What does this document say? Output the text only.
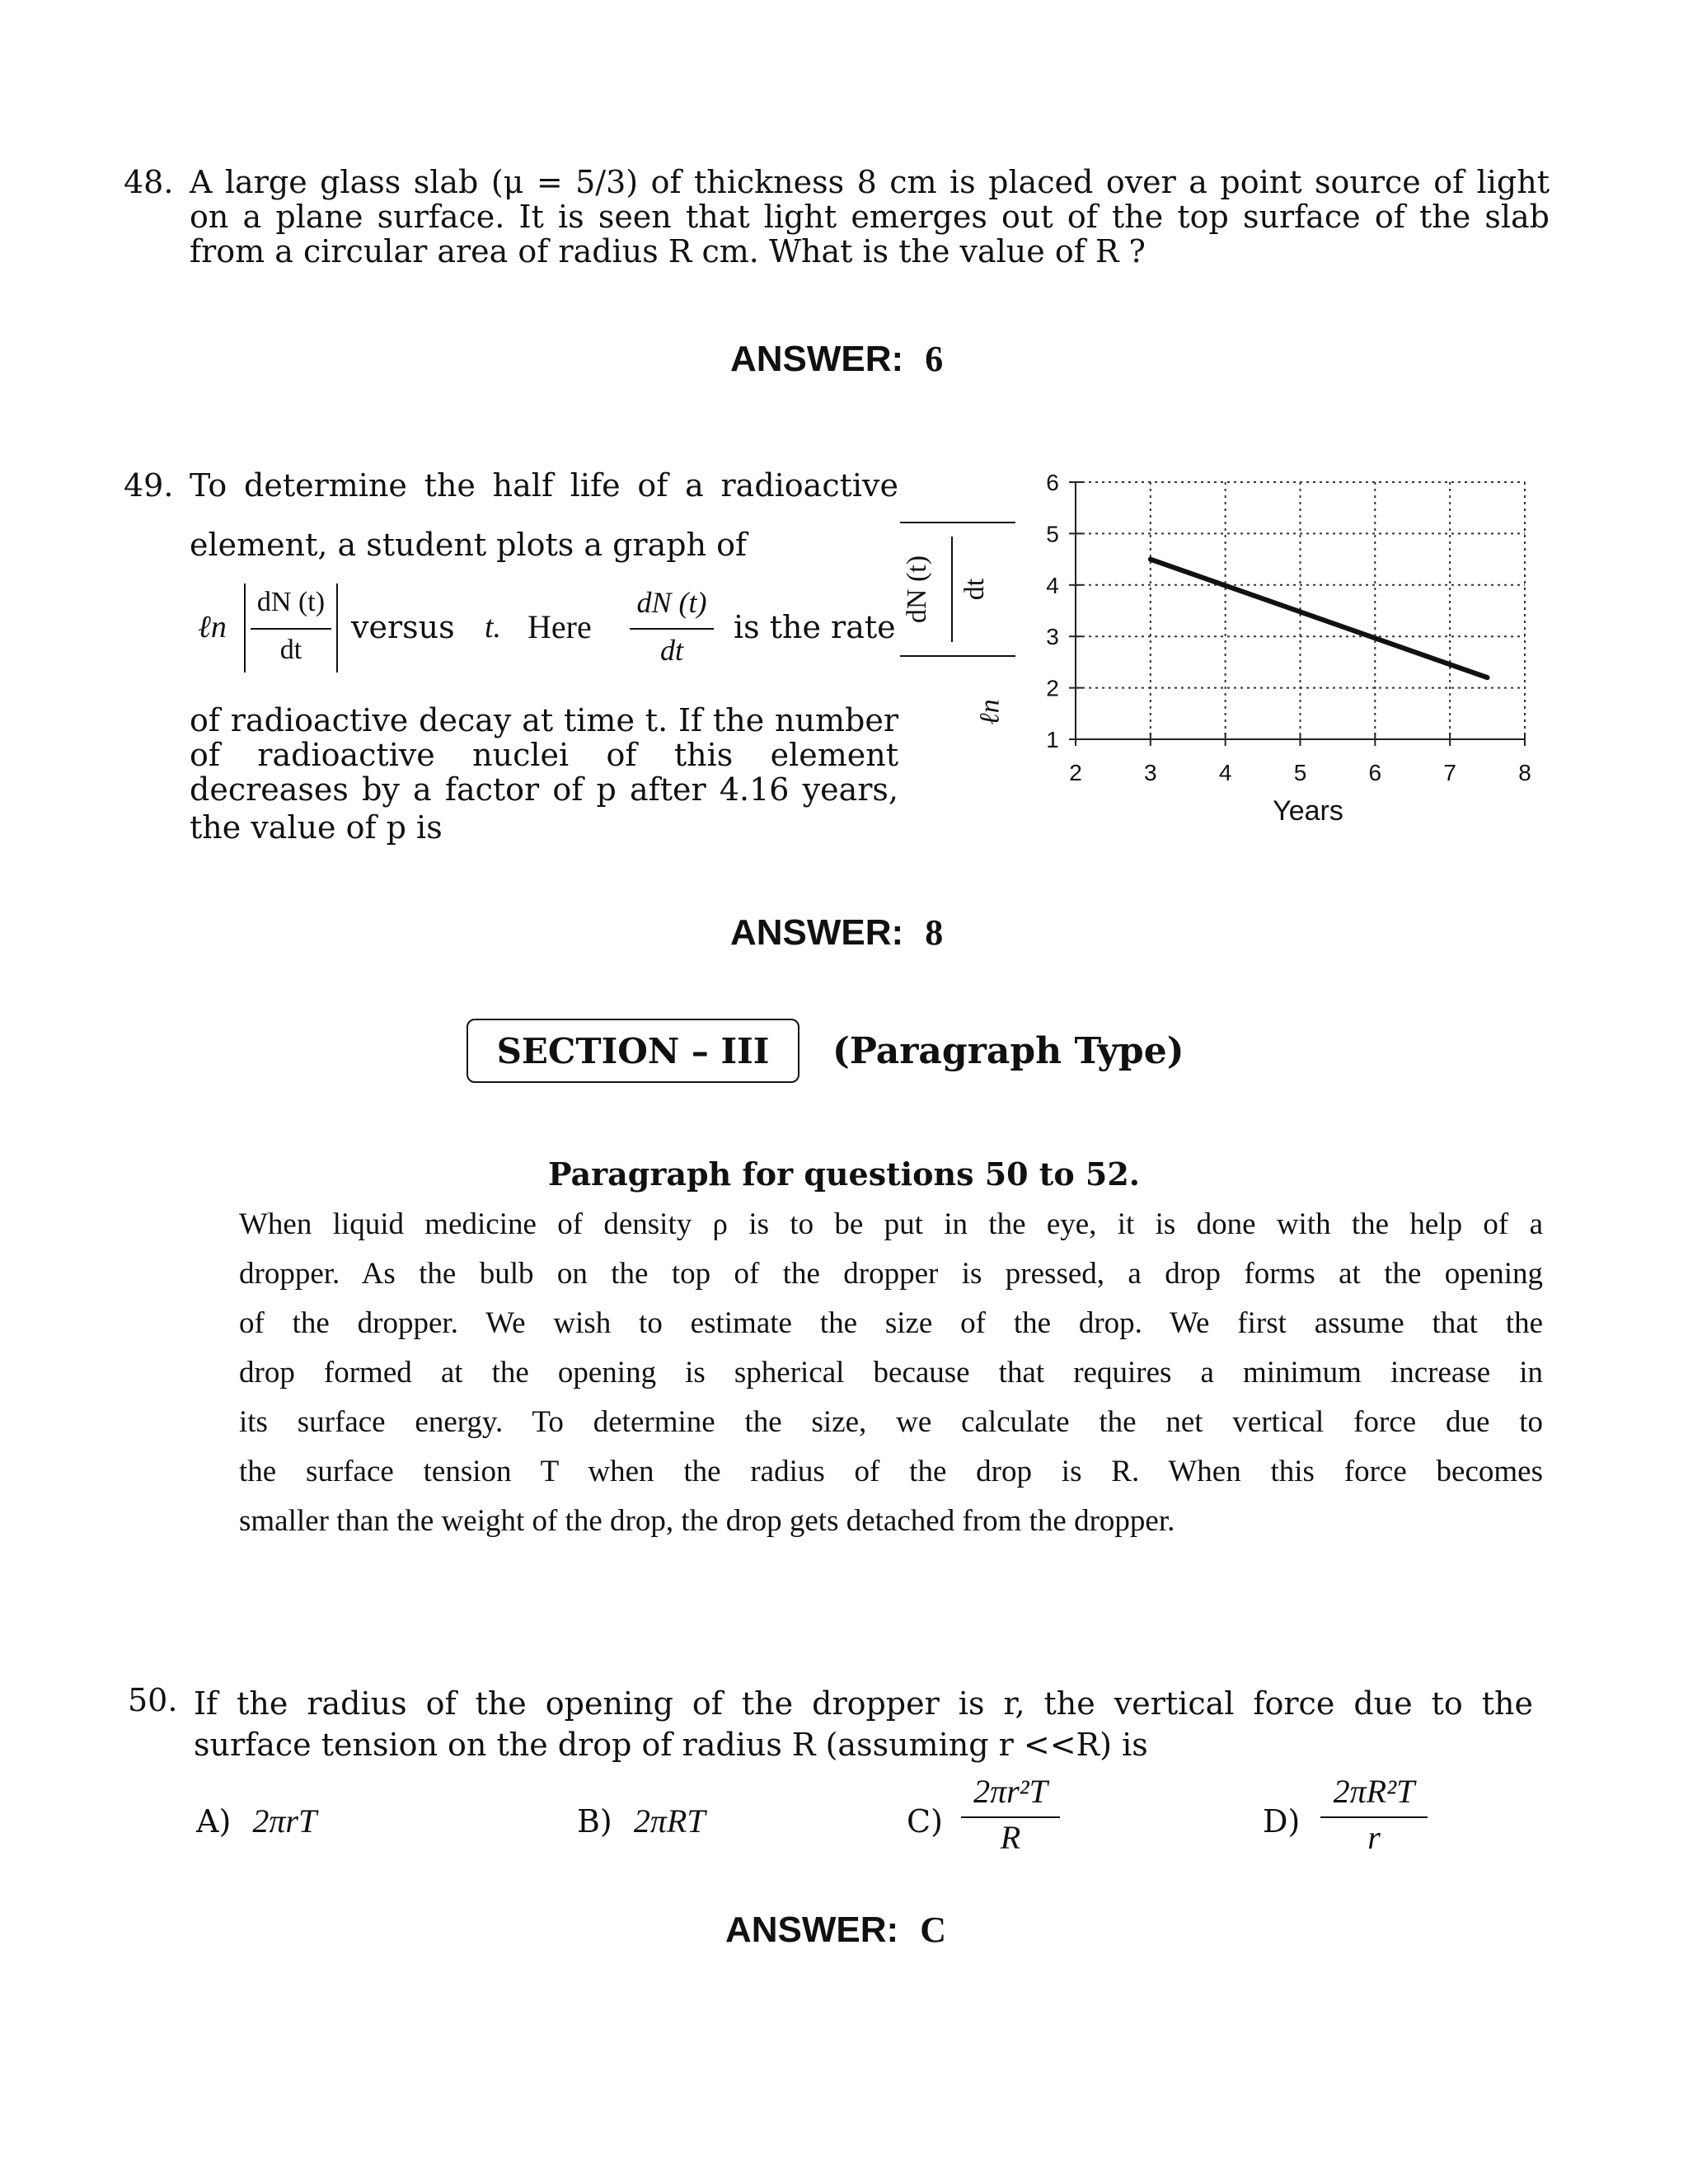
48. A large glass slab (μ = 5/3) of thickness 8 cm is placed over a point source of light
on a plane surface. It is seen that light emerges out of the top surface of the slab
from a circular area of radius R cm. What is the value of R ?
ANSWER: 6
49. To determine the half life of a radioactive
element, a student plots a graph of
ℓn
dN (t)
dt
versus t. Here
dN (t)
dt
is the rate
of radioactive decay at time t. If the number
of radioactive nuclei of this element
decreases by a factor of p after 4.16 years,
the value of p is
dN (t) dt
ℓn
1
2
3
4
5
6
2	3	4	5	6	7	8
Years
ANSWER: 8
SECTION – III	(Paragraph Type)
Paragraph for questions 50 to 52.
When liquid medicine of density ρ is to be put in the eye, it is done with the help of a
dropper. As the bulb on the top of the dropper is pressed, a drop forms at the opening
of the dropper. We wish to estimate the size of the drop. We first assume that the
drop formed at the opening is spherical because that requires a minimum increase in
its surface energy. To determine the size, we calculate the net vertical force due to
the surface tension T when the radius of the drop is R. When this force becomes
smaller than the weight of the drop, the drop gets detached from the dropper.
50. If the radius of the opening of the dropper is r, the vertical force due to the
surface tension on the drop of radius R (assuming r <<R) is
A) 2πrT	B) 2πRT	C)
2πr²T
R	D)
2πR²T
r
ANSWER: C
